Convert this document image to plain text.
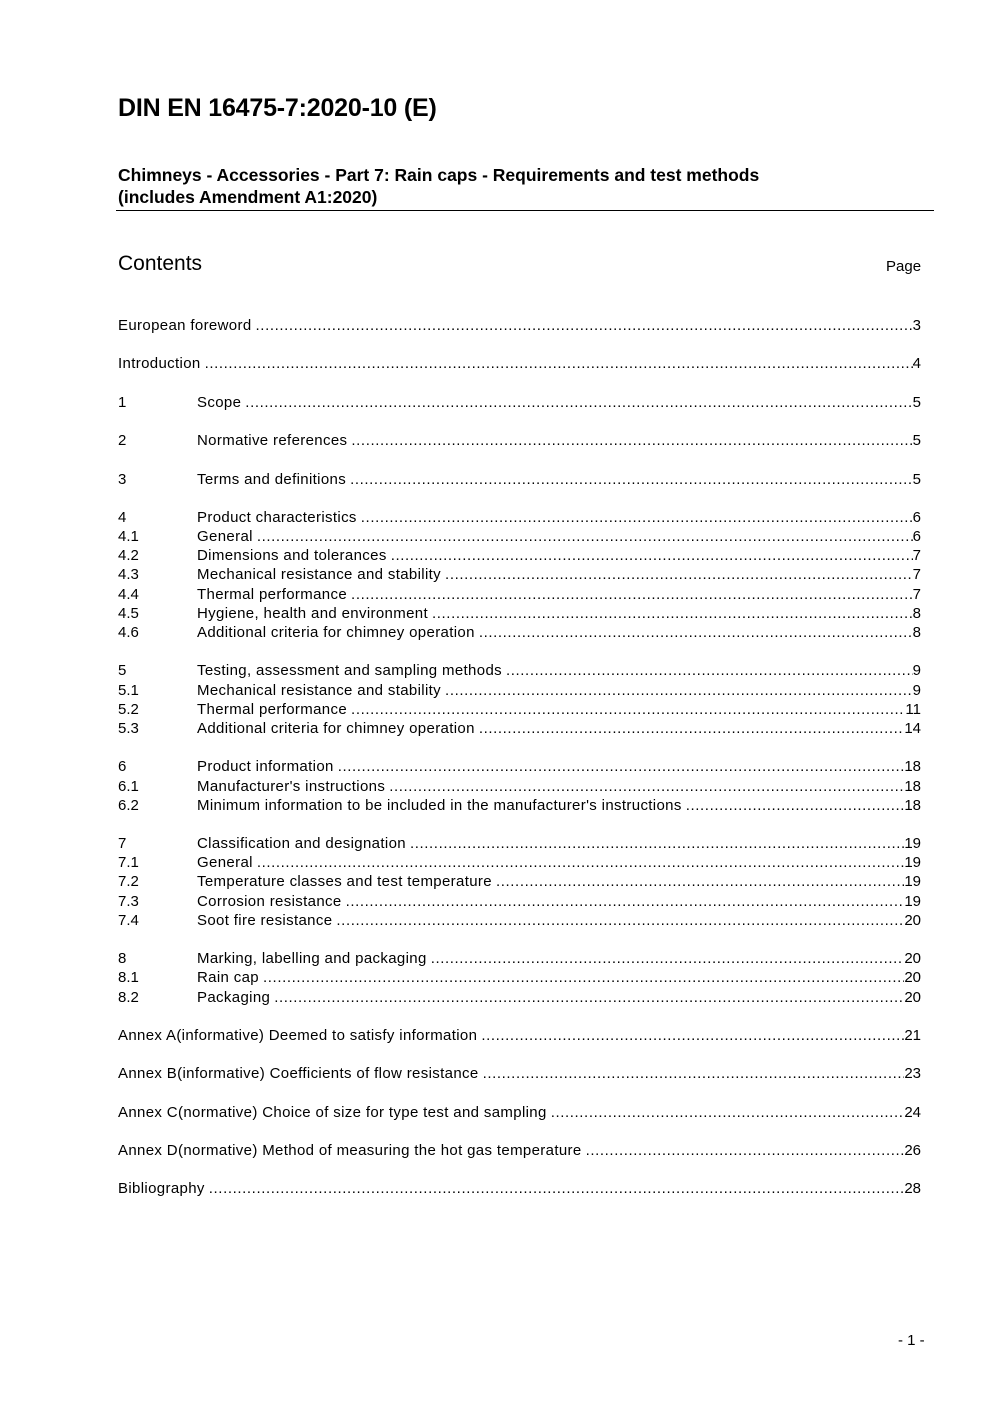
DIN EN 16475-7:2020-10 (E)
Chimneys - Accessories - Part 7: Rain caps - Requirements and test methods
(includes Amendment A1:2020)
Contents	Page
European foreword .....	3
Introduction .....	4
1	Scope .....	5
2	Normative references .....	5
3	Terms and definitions .....	5
4	Product characteristics .....	6
4.1	General .....	6
4.2	Dimensions and tolerances .....	7
4.3	Mechanical resistance and stability .....	7
4.4	Thermal performance .....	7
4.5	Hygiene, health and environment .....	8
4.6	Additional criteria for chimney operation .....	8
5	Testing, assessment and sampling methods .....	9
5.1	Mechanical resistance and stability .....	9
5.2	Thermal performance .....	11
5.3	Additional criteria for chimney operation .....	14
6	Product information .....	18
6.1	Manufacturer's instructions .....	18
6.2	Minimum information to be included in the manufacturer's instructions .....	18
7	Classification and designation .....	19
7.1	General .....	19
7.2	Temperature classes and test temperature .....	19
7.3	Corrosion resistance .....	19
7.4	Soot fire resistance .....	20
8	Marking, labelling and packaging .....	20
8.1	Rain cap .....	20
8.2	Packaging .....	20
Annex A(informative) Deemed to satisfy information .....	21
Annex B(informative) Coefficients of flow resistance .....	23
Annex C(normative) Choice of size for type test and sampling .....	24
Annex D(normative) Method of measuring the hot gas temperature .....	26
Bibliography .....	28
- 1 -
